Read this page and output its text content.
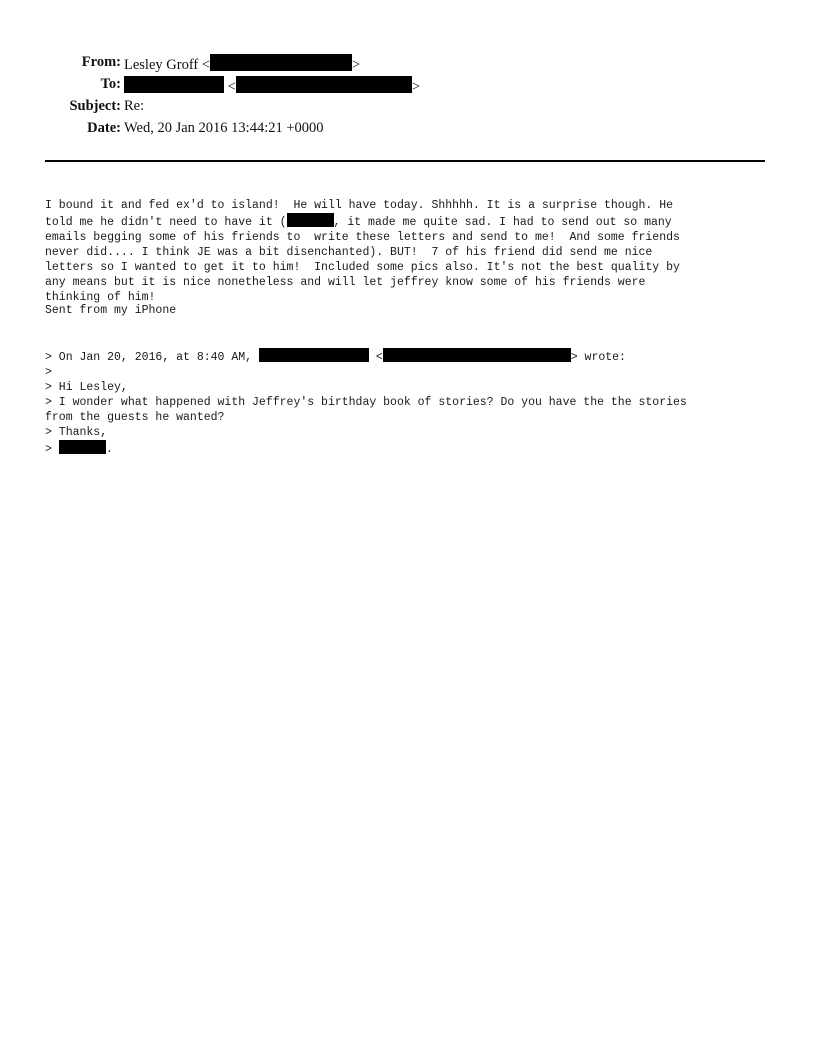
From: Lesley Groff <	>
To:	<	>
Subject: Re:
Date: Wed, 20 Jan 2016 13:44:21 +0000

I bound it and fed ex'd to island!  He will have today. Shhhhh. It is a surprise though. He
told me he didn't need to have it (	, it made me quite sad. I had to send out so many
emails begging some of his friends to  write these letters and send to me!  And some friends
never did.... I think JE was a bit disenchanted). BUT!  7 of his friend did send me nice
letters so I wanted to get it to him!  Included some pics also. It's not the best quality by
any means but it is nice nonetheless and will let jeffrey know some of his friends were
thinking of him!

Sent from my iPhone

> On Jan 20, 2016, at 8:40 AM,	<	> wrote:
>
> Hi Lesley,
> I wonder what happened with Jeffrey's birthday book of stories? Do you have the the stories
from the guests he wanted?
> Thanks,
>	.
